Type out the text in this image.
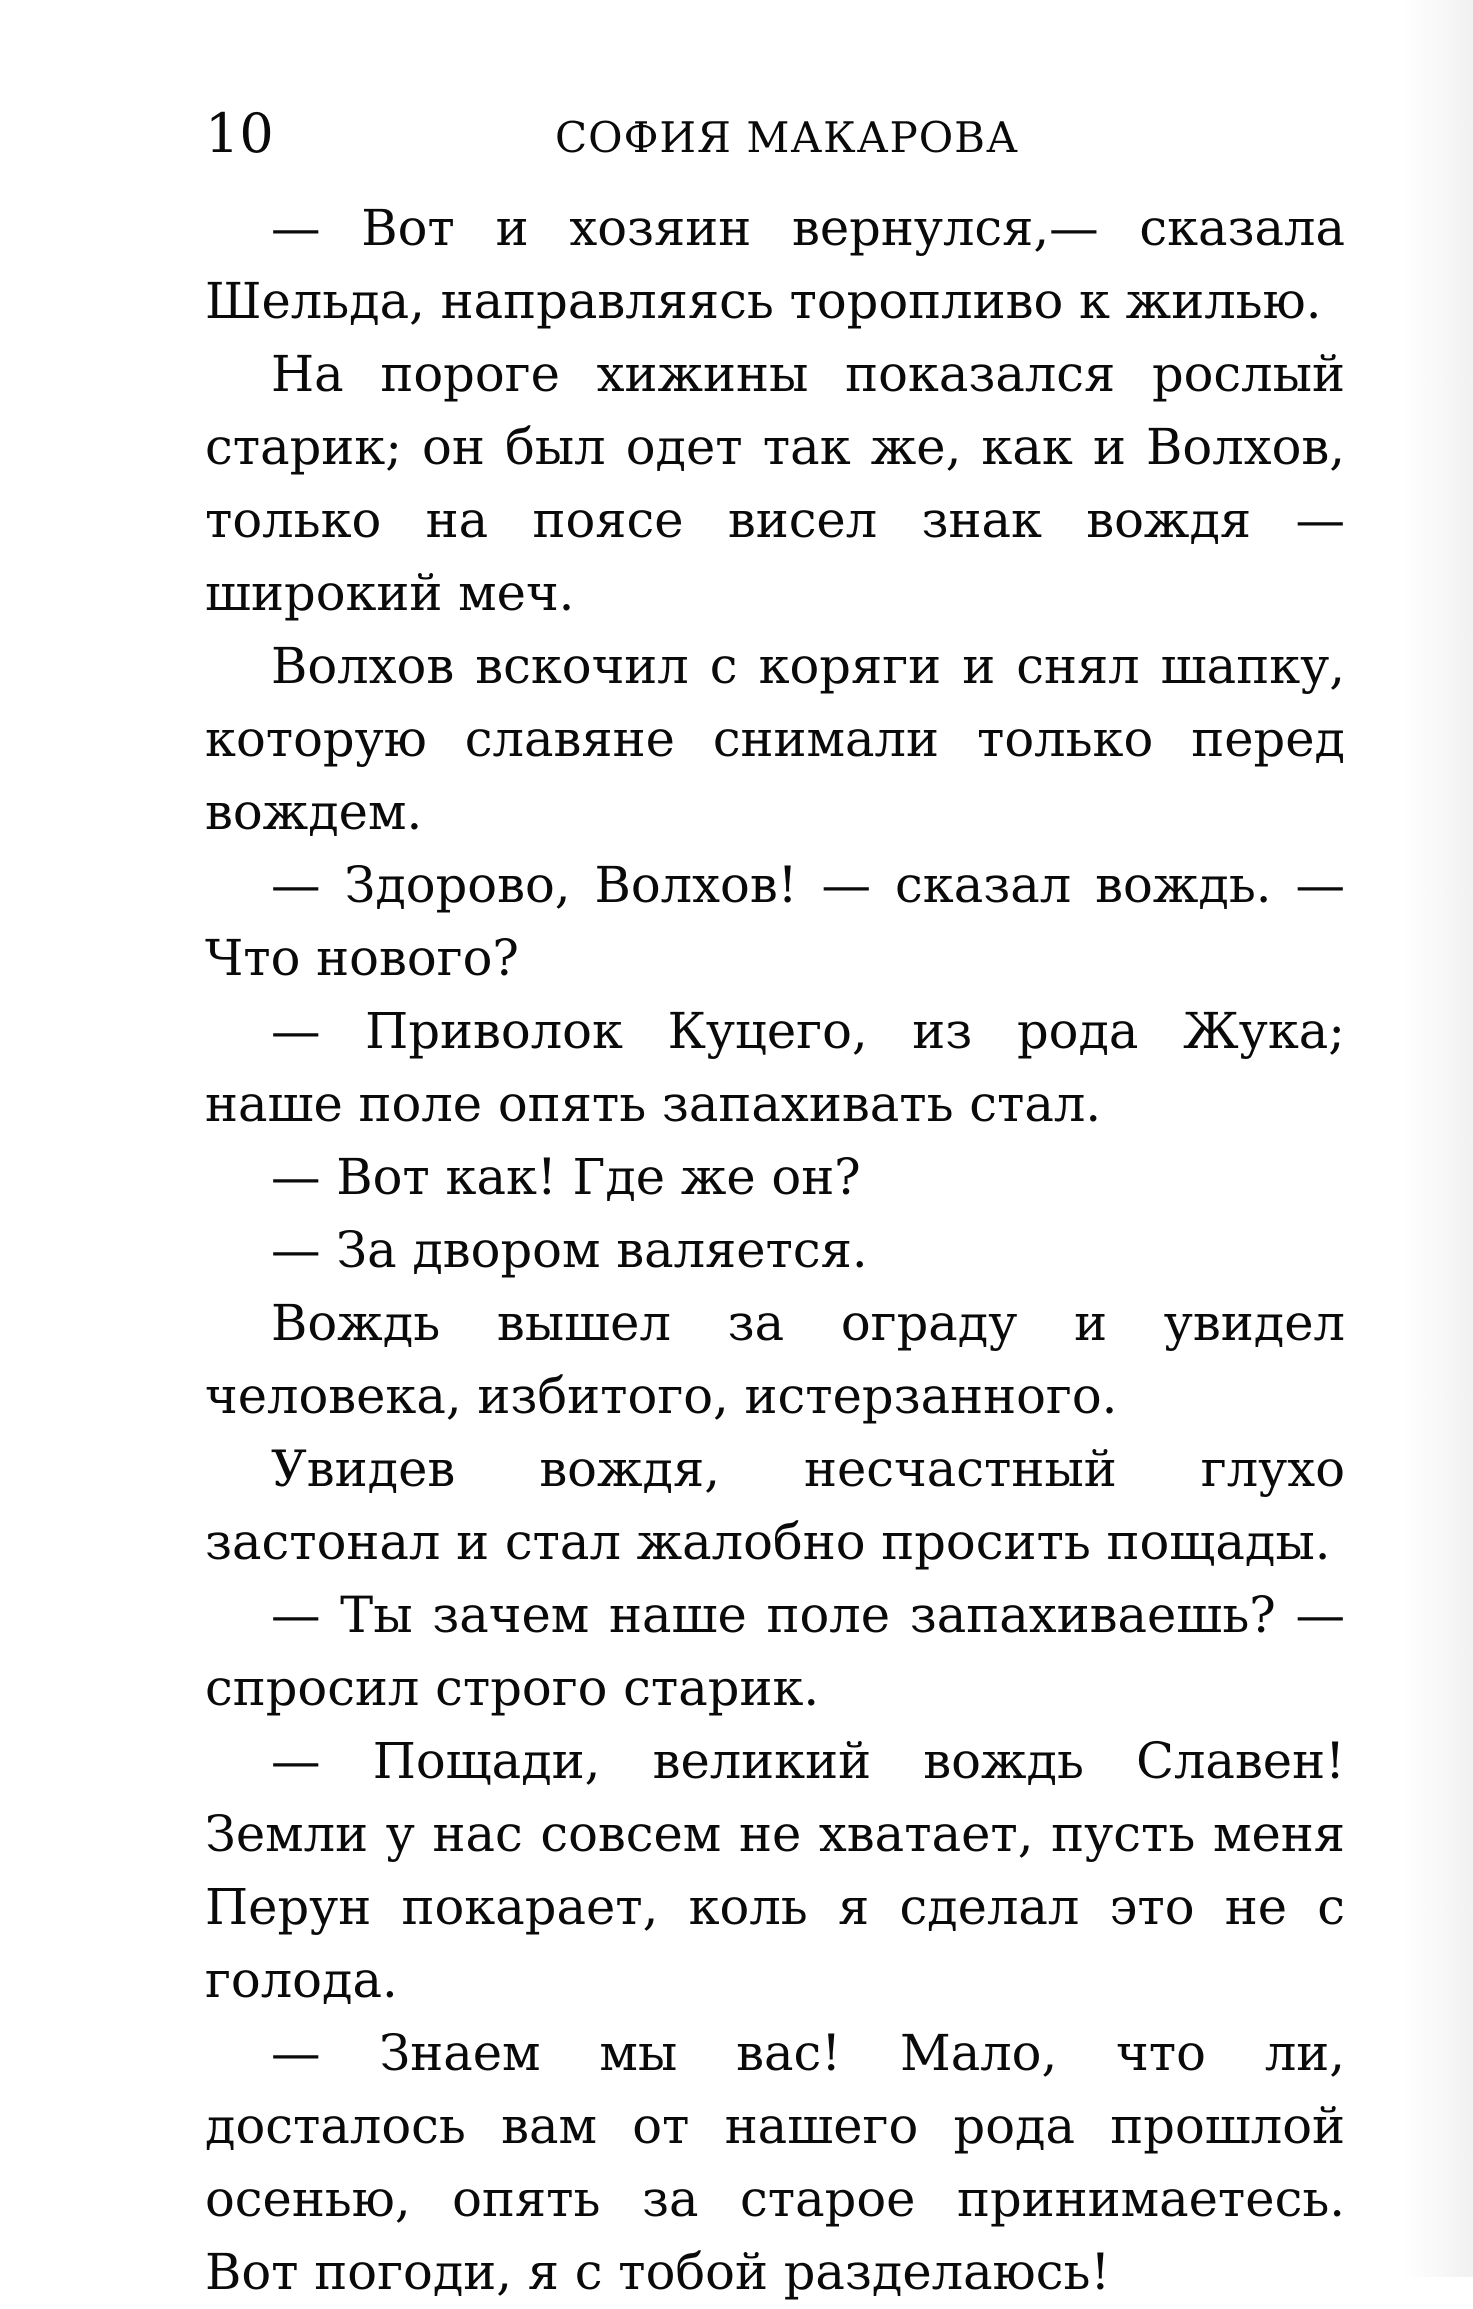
10	СОФИЯ МАКАРОВА

— Вот и хозяин вернулся,— сказала Шельда, направляясь торопливо к жилью.

На пороге хижины показался рослый старик; он был одет так же, как и Волхов, только на поясе висел знак вождя — широкий меч.

Волхов вскочил с коряги и снял шапку, которую славяне снимали только перед вождем.

— Здорово, Волхов! — сказал вождь. — Что нового?

— Приволок Куцего, из рода Жука; наше поле опять запахивать стал.

— Вот как! Где же он?

— За двором валяется.

Вождь вышел за ограду и увидел человека, избитого, истерзанного.

Увидев вождя, несчастный глухо застонал и стал жалобно просить пощады.

— Ты зачем наше поле запахиваешь? — спросил строго старик.

— Пощади, великий вождь Славен! Земли у нас совсем не хватает, пусть меня Перун покарает, коль я сделал это не с голода.

— Знаем мы вас! Мало, что ли, досталось вам от нашего рода прошлой осенью, опять за старое принимаетесь. Вот погоди, я с тобой разделаюсь!
